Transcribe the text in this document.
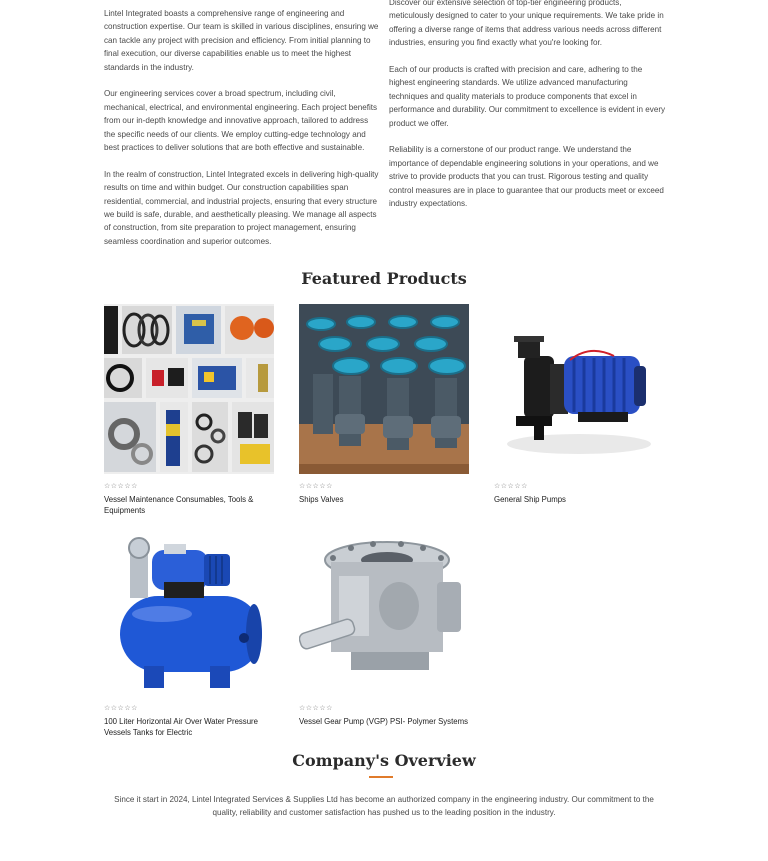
Lintel Integrated boasts a comprehensive range of engineering and construction expertise. Our team is skilled in various disciplines, ensuring we can tackle any project with precision and efficiency. From initial planning to final execution, our diverse capabilities enable us to meet the highest standards in the industry.

Our engineering services cover a broad spectrum, including civil, mechanical, electrical, and environmental engineering. Each project benefits from our in-depth knowledge and innovative approach, tailored to address the specific needs of our clients. We employ cutting-edge technology and best practices to deliver solutions that are both effective and sustainable.

In the realm of construction, Lintel Integrated excels in delivering high-quality results on time and within budget. Our construction capabilities span residential, commercial, and industrial projects, ensuring that every structure we build is safe, durable, and aesthetically pleasing. We manage all aspects of construction, from site preparation to project management, ensuring seamless coordination and superior outcomes.

Discover our extensive selection of top-tier engineering products, meticulously designed to cater to your unique requirements. We take pride in offering a diverse range of items that address various needs across different industries, ensuring you find exactly what you're looking for.

Each of our products is crafted with precision and care, adhering to the highest engineering standards. We utilize advanced manufacturing techniques and quality materials to produce components that excel in performance and durability. Our commitment to excellence is evident in every product we offer.

Reliability is a cornerstone of our product range. We understand the importance of dependable engineering solutions in your operations, and we strive to provide products that you can trust. Rigorous testing and quality control measures are in place to guarantee that our products meet or exceed industry expectations.

Featured Products
☆☆☆☆☆
Vessel Maintenance Consumables, Tools & Equipments
☆☆☆☆☆
Ships Valves
☆☆☆☆☆
General Ship Pumps
☆☆☆☆☆
100 Liter Horizontal Air Over Water Pressure Vessels Tanks for Electric
☆☆☆☆☆
Vessel Gear Pump (VGP) PSI- Polymer Systems
Company's Overview

Since it start in 2024, Lintel Integrated Services & Supplies Ltd has become an authorized company in the engineering industry. Our commitment to the quality, reliability and customer satisfaction has pushed us to the leading position in the industry.
